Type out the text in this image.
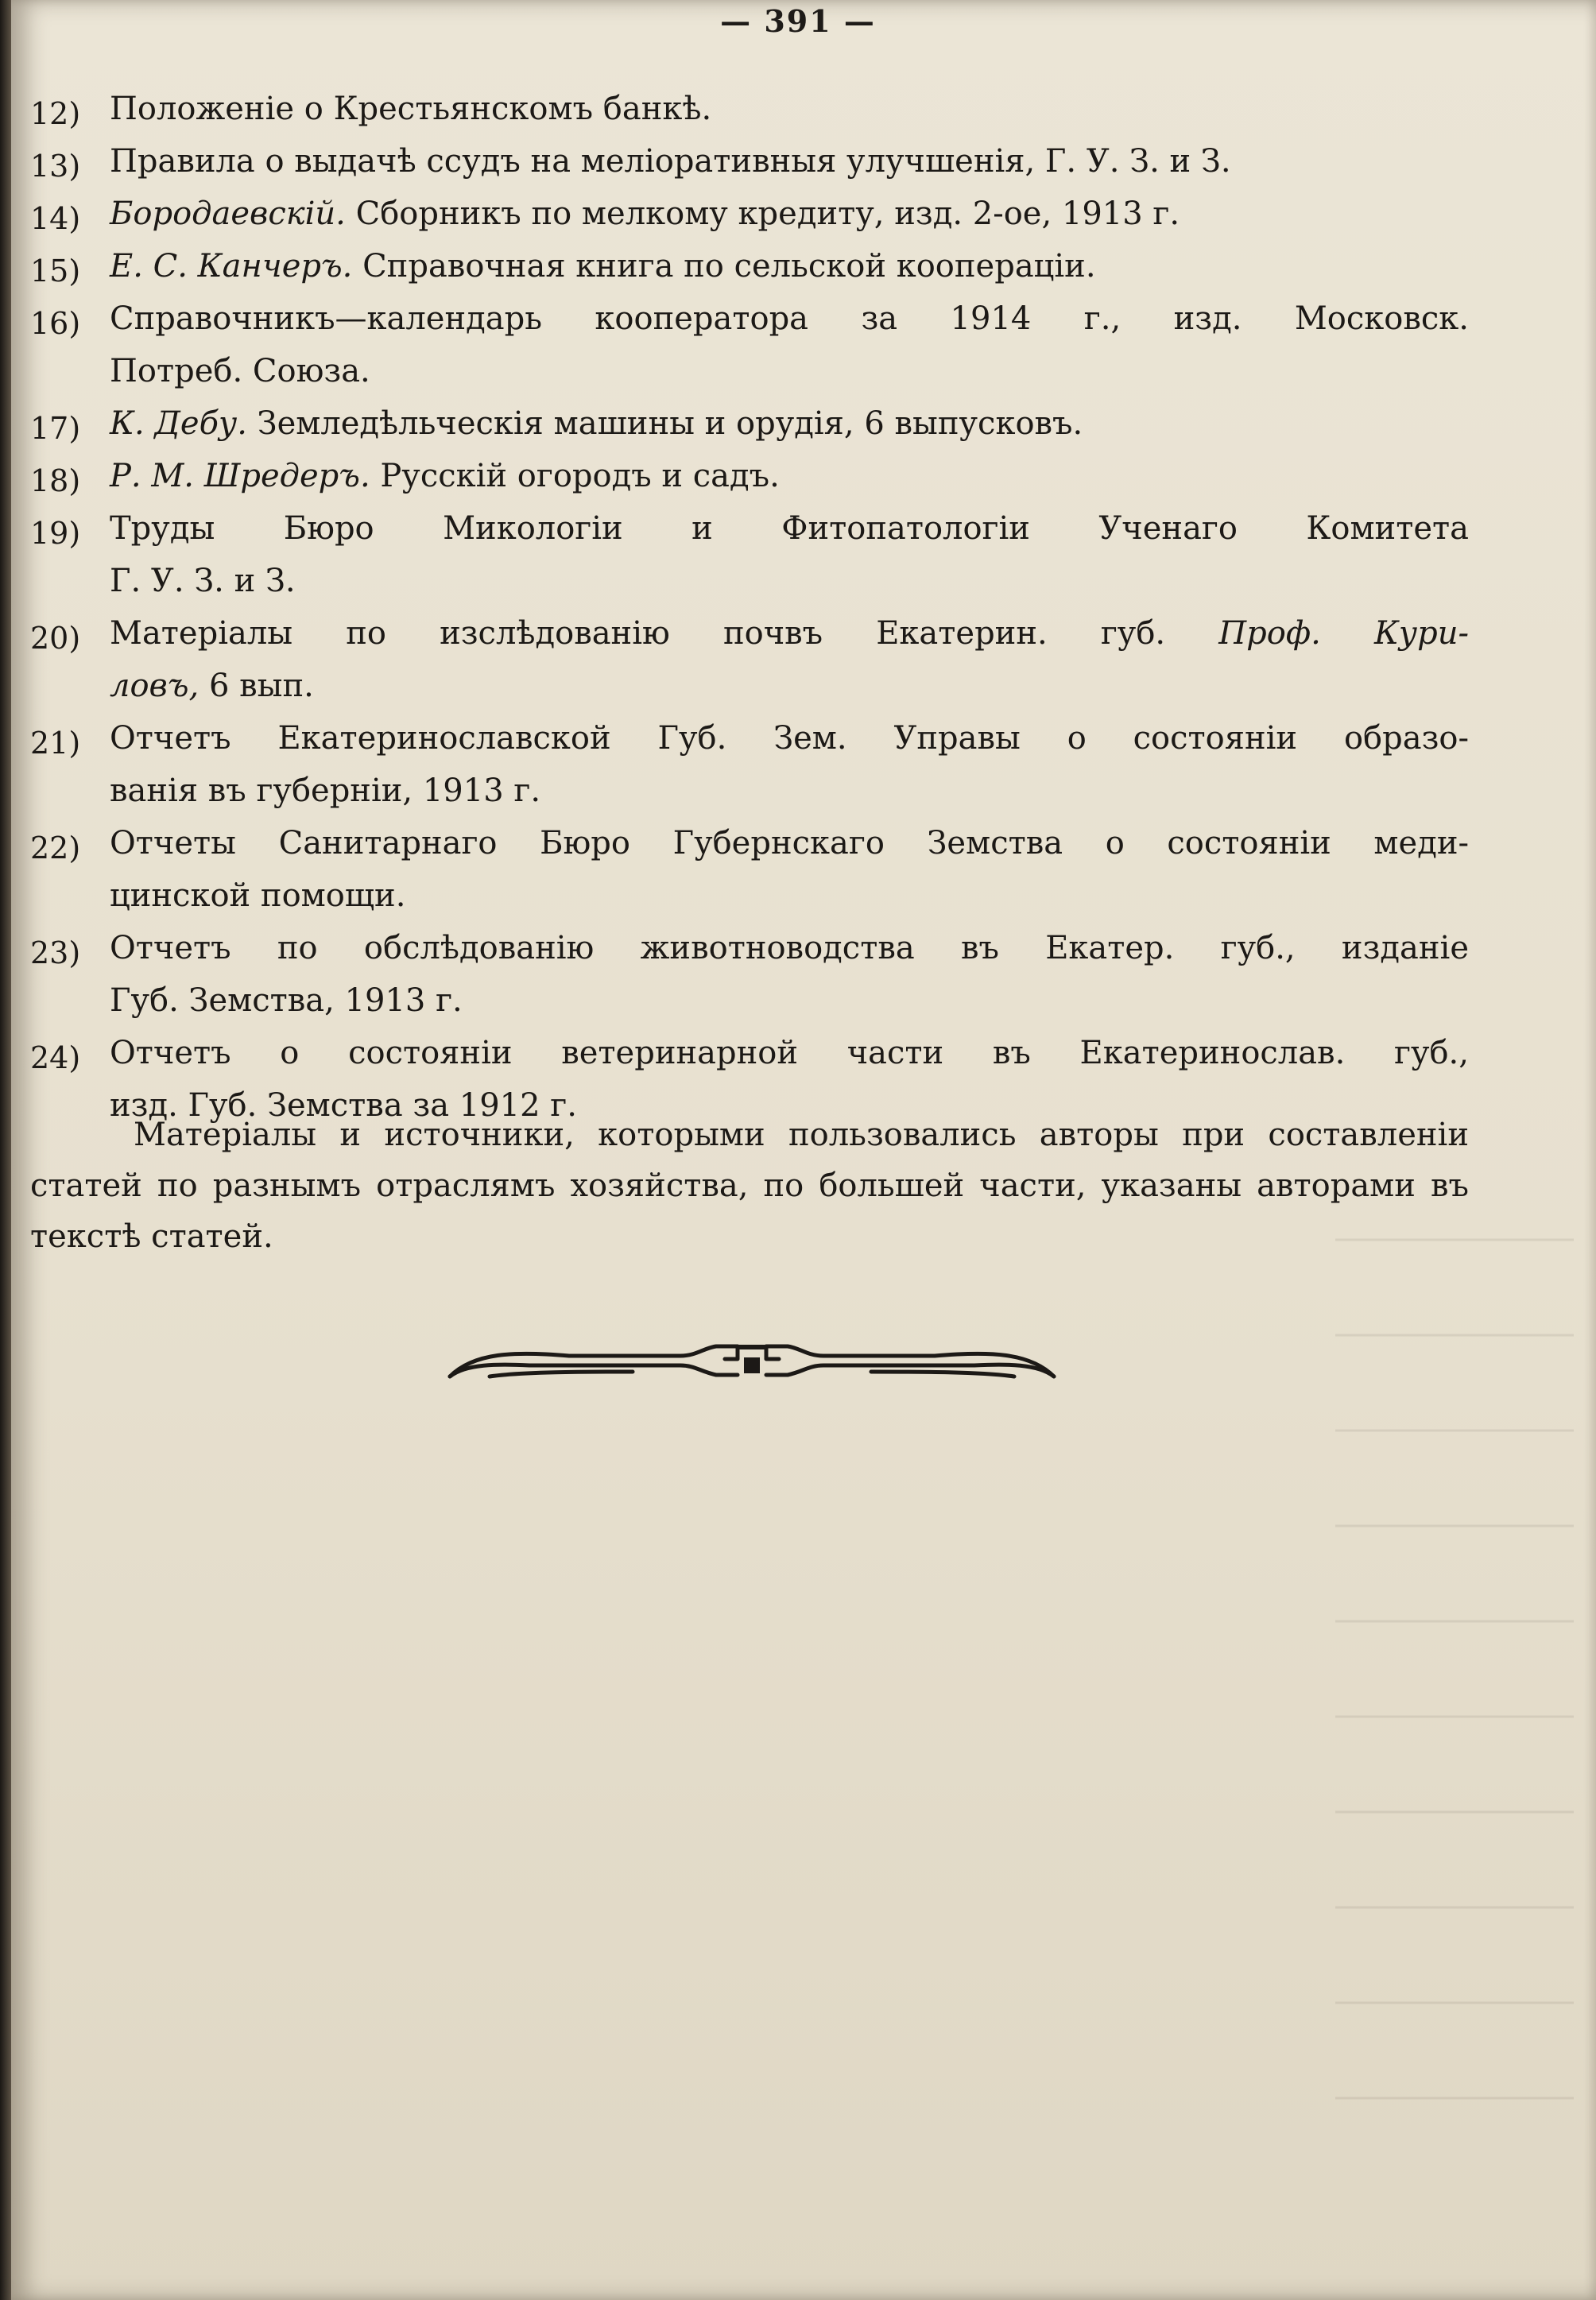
— 391 —
12) Положеніе о Крестьянскомъ банкѣ.
13) Правила о выдачѣ ссудъ на меліоративныя улучшенія, Г. У. З. и З.
14) Бородаевскій. Сборникъ по мелкому кредиту, изд. 2-ое, 1913 г.
15) Е. С. Канчеръ. Справочная книга по сельской коопераціи.
16) Справочникъ—календарь кооператора за 1914 г., изд. Московск.
Потреб. Союза.
17) К. Дебу. Земледѣльческія машины и орудія, 6 выпусковъ.
18) Р. М. Шредеръ. Русскій огородъ и садъ.
19) Труды Бюро Микологіи и Фитопатологіи Ученаго Комитета
Г. У. З. и З.
20) Матеріалы по изслѣдованію почвъ Екатерин. губ. Проф. Кури-
ловъ, 6 вып.
21) Отчетъ Екатеринославской Губ. Зем. Управы о состояніи образо-
ванія въ губерніи, 1913 г.
22) Отчеты Санитарнаго Бюро Губернскаго Земства о состояніи меди-
цинской помощи.
23) Отчетъ по обслѣдованію животноводства въ Екатер. губ., изданіе
Губ. Земства, 1913 г.
24) Отчетъ о состояніи ветеринарной части въ Екатеринослав. губ.,
изд. Губ. Земства за 1912 г.
Матеріалы и источники, которыми пользовались авторы при составленіи статей по разнымъ отраслямъ хозяйства, по большей части, указаны авторами въ текстѣ статей.
